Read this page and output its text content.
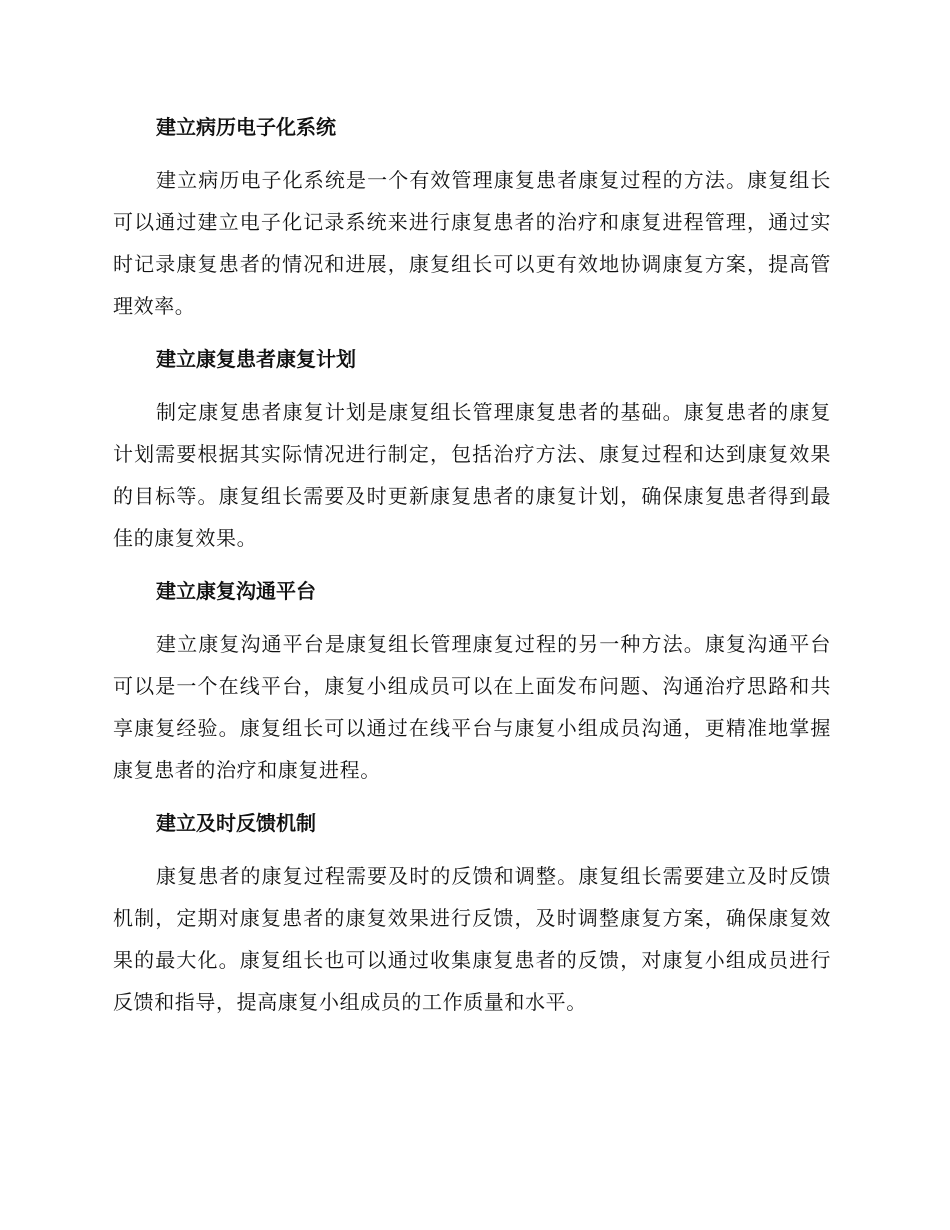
建立病历电子化系统

建立病历电子化系统是一个有效管理康复患者康复过程的方法。康复组长可以通过建立电子化记录系统来进行康复患者的治疗和康复进程管理，通过实时记录康复患者的情况和进展，康复组长可以更有效地协调康复方案，提高管理效率。

建立康复患者康复计划

制定康复患者康复计划是康复组长管理康复患者的基础。康复患者的康复计划需要根据其实际情况进行制定，包括治疗方法、康复过程和达到康复效果的目标等。康复组长需要及时更新康复患者的康复计划，确保康复患者得到最佳的康复效果。

建立康复沟通平台

建立康复沟通平台是康复组长管理康复过程的另一种方法。康复沟通平台可以是一个在线平台，康复小组成员可以在上面发布问题、沟通治疗思路和共享康复经验。康复组长可以通过在线平台与康复小组成员沟通，更精准地掌握康复患者的治疗和康复进程。

建立及时反馈机制

康复患者的康复过程需要及时的反馈和调整。康复组长需要建立及时反馈机制，定期对康复患者的康复效果进行反馈，及时调整康复方案，确保康复效果的最大化。康复组长也可以通过收集康复患者的反馈，对康复小组成员进行反馈和指导，提高康复小组成员的工作质量和水平。
